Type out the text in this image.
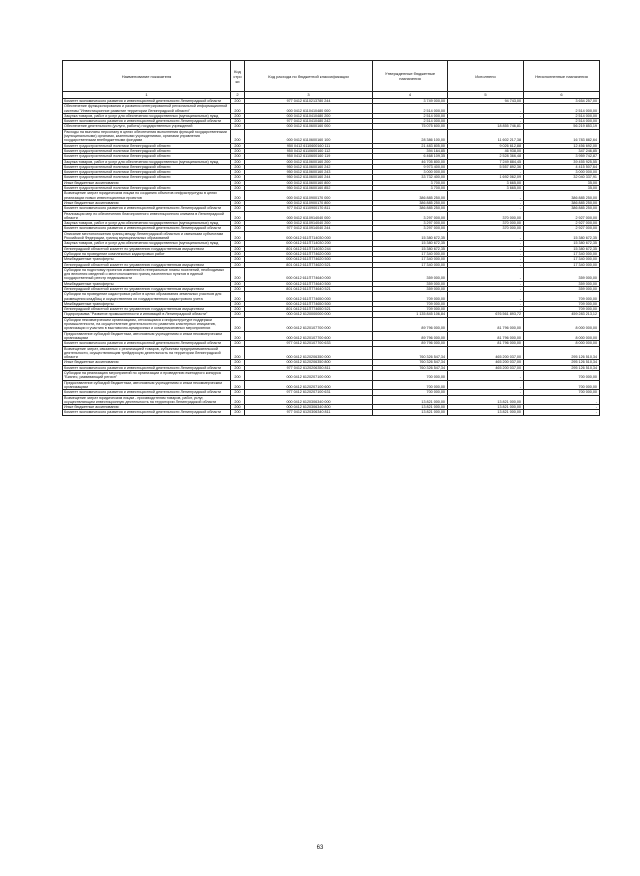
Наименование показателя	Код стро ки	Код расхода по бюджетной классификации	Утвержденные бюджетные назначения	Исполнено	Неисполненные назначения
1	2	3	4	5	6
Комитет экономического развития и инвестиционной деятельности Ленинградской области	200	977 0412 6110213780 244	3 749 000,00	94 743,00	3 654 257,00
Обеспечение функционирования и развития интегрированной региональной информационной системы "Инвестиционное развитие территории Ленинградской области"	200	000 0412 6110410480 000	2 514 000,00	-	2 514 000,00
Закупка товаров, работ и услуг для обеспечения государственных (муниципальных) нужд	200	000 0412 6110410480 200	2 514 000,00	-	2 514 000,00
Комитет экономического развития и инвестиционной деятельности Ленинградской области	200	977 0412 6110410480 242	2 514 000,00	-	2 514 000,00
Обеспечение деятельности (услуги, работы) государственных учреждений	200	000 0412 6110600160 000	75 075 600,00	18 855 746,81	56 219 853,19
Расходы на выплаты персоналу в целях обеспечения выполнения функций государственными (муниципальными) органами, казенными учреждениями, органами управления государственными внебюджетными фондами	200	000 0412 6110600160 100	28 386 100,00	11 602 217,38	16 783 882,64
Комитет градостроительной политики Ленинградской области	200	950 0412 6110600160 111	21 483 805,00	9 026 612,88	12 456 692,00
Комитет градостроительной политики Ленинградской области	200	950 0412 6110600160 112	394 164,85	46 938,00	347 246,85
Комитет градостроительной политики Ленинградской области	200	950 0412 6110600160 119	6 468 109,35	2 528 366,48	3 959 742,87
Закупка товаров, работ и услуг для обеспечения государственных (муниципальных) нужд	200	000 0412 6110600160 200	46 705 800,00	7 249 884,45	39 455 925,55
Комитет градостроительной политики Ленинградской области	200	950 0412 6110600160 242	9 973 400,00	5 557 892,36	4 415 507,64
Комитет градостроительной политики Ленинградской области	200	950 0412 6110600160 243	3 000 000,00	-	3 000 000,00
Комитет градостроительной политики Ленинградской области	200	950 0412 6110600160 244	33 732 400,00	1 692 062,09	32 040 337,91
Иные бюджетные ассигнования	200	000 0412 6110600160 800	3 700,00	3 665,00	35,00
Комитет градостроительной политики Ленинградской области	200	950 0412 6110600160 852	3 700,00	3 665,00	35,00
Возмещение затрат юридическим лицам по созданию объектов инфраструктуры в целях реализации новых инвестиционных проектов	200	000 0412 6110900170 000	386 885 250,00	-	386 885 250,00
Иные бюджетные ассигнования	200	000 0412 6110900170 800	386 885 250,00	-	386 885 250,00
Комитет экономического развития и инвестиционной деятельности Ленинградской области	200	977 0412 6110900170 811	386 885 250,00	-	386 885 250,00
Реализация мер по обеспечению благоприятного инвестиционного климата в Ленинградской области	200	000 0412 6110914040 000	3 297 000,00	370 000,00	2 927 000,00
Закупка товаров, работ и услуг для обеспечения государственных (муниципальных) нужд	200	000 0412 6110914040 200	3 297 000,00	370 000,00	2 927 000,00
Комитет экономического развития и инвестиционной деятельности Ленинградской области	200	977 0412 6110914040 244	3 297 000,00	370 000,00	2 927 000,00
Описание местоположения границ между Ленинградской областью и смежными субъектами Российской Федерации, границ муниципальных образований	200	000 0412 611П714030 000	15 380 672,35	-	15 380 672,35
Закупка товаров, работ и услуг для обеспечения государственных (муниципальных) нужд	200	000 0412 611П714030 200	15 380 672,35	-	15 380 672,35
Ленинградский областной комитет по управлению государственным имуществом	200	801 0412 611П714030 244	15 380 672,35	-	15 380 672,35
Субсидии на проведение комплексных кадастровых работ	200	000 0412 611П774620 000	17 340 000,00	-	17 340 000,00
Межбюджетные трансферты	200	000 0412 611П774620 500	17 340 000,00	-	17 340 000,00
Ленинградский областной комитет по управлению государственным имуществом	200	801 0412 611П774620 521	17 340 000,00	-	17 340 000,00
Субсидии на подготовку проектов изменений в генеральные планы поселений, необходимых для внесения сведений о местоположении границ населенных пунктов в единый государственный реестр недвижимости	200	000 0412 611П774640 000	359 000,00	-	359 000,00
Межбюджетные трансферты	200	000 0412 611П774640 500	359 000,00	-	359 000,00
Ленинградский областной комитет по управлению государственным имуществом	200	801 0412 611П774640 521	359 000,00	-	359 000,00
Субсидии на проведение кадастровых работ в целях образования земельных участков для размещения кладбищ и осуществления их государственного кадастрового учета	200	000 0412 611П774650 000	709 000,00	-	709 000,00
Межбюджетные трансферты	200	000 0412 611П774650 500	709 000,00	-	709 000,00
Ленинградский областной комитет по управлению государственным имуществом	200	801 0412 611П774650 521	709 000,00	-	709 000,00
Подпрограмма "Развитие промышленности и инноваций в Ленинградской области"	200	000 0412 6120000000 000	1 135 845 106,84	676 561 893,72	459 283 213,12
Субсидии некоммерческим организациям, относящимся к инфраструктуре поддержки промышленности, на осуществление деятельности по развитию кластерных инициатив, организации и участию в выставочно-ярмарочных и коммуникативных мероприятиях	200	000 0412 6120107700 000	89 796 000,00	81 796 000,00	8 000 000,00
Предоставление субсидий бюджетным, автономным учреждениям и иным некоммерческим организациям	200	000 0412 6120107700 600	89 796 000,00	81 796 000,00	8 000 000,00
Комитет экономического развития и инвестиционной деятельности Ленинградской области	200	977 0412 6120107700 633	89 796 000,00	81 796 000,00	8 000 000,00
Возмещение затрат, связанных с реализацией товаров, субъектам предпринимательской деятельности, осуществляющим трейдерскую деятельность на территории Ленинградской области	200	000 0412 6120206350 000	760 326 547,34	465 200 037,00	295 126 510,34
Иные бюджетные ассигнования	200	000 0412 6120206350 800	760 326 547,34	465 200 037,00	295 126 510,34
Комитет экономического развития и инвестиционной деятельности Ленинградской области	200	977 0412 6120206350 811	760 326 547,34	465 200 037,00	295 126 510,34
Субсидии на реализацию мероприятий по организации и проведению ежегодного конкурса "Бизнес, развивающий регион"	200	000 0412 6120207100 000	700 000,00	-	700 000,00
Предоставление субсидий бюджетным, автономным учреждениям и иным некоммерческим организациям	200	000 0412 6120207100 600	700 000,00	-	700 000,00
Комитет экономического развития и инвестиционной деятельности Ленинградской области	200	977 0412 6120207100 631	700 000,00	-	700 000,00
Возмещение затрат юридическим лицам - производителям товаров, работ, услуг, осуществляющим инвестиционную деятельность на территории Ленинградской области	200	000 0412 6120306340 000	13 821 000,00	13 821 000,00	-
Иные бюджетные ассигнования	200	000 0412 6120306340 800	13 821 000,00	13 821 000,00	-
Комитет экономического развития и инвестиционной деятельности Ленинградской области	200	977 0412 6120306340 811	13 821 000,00	13 821 000,00	-
63
